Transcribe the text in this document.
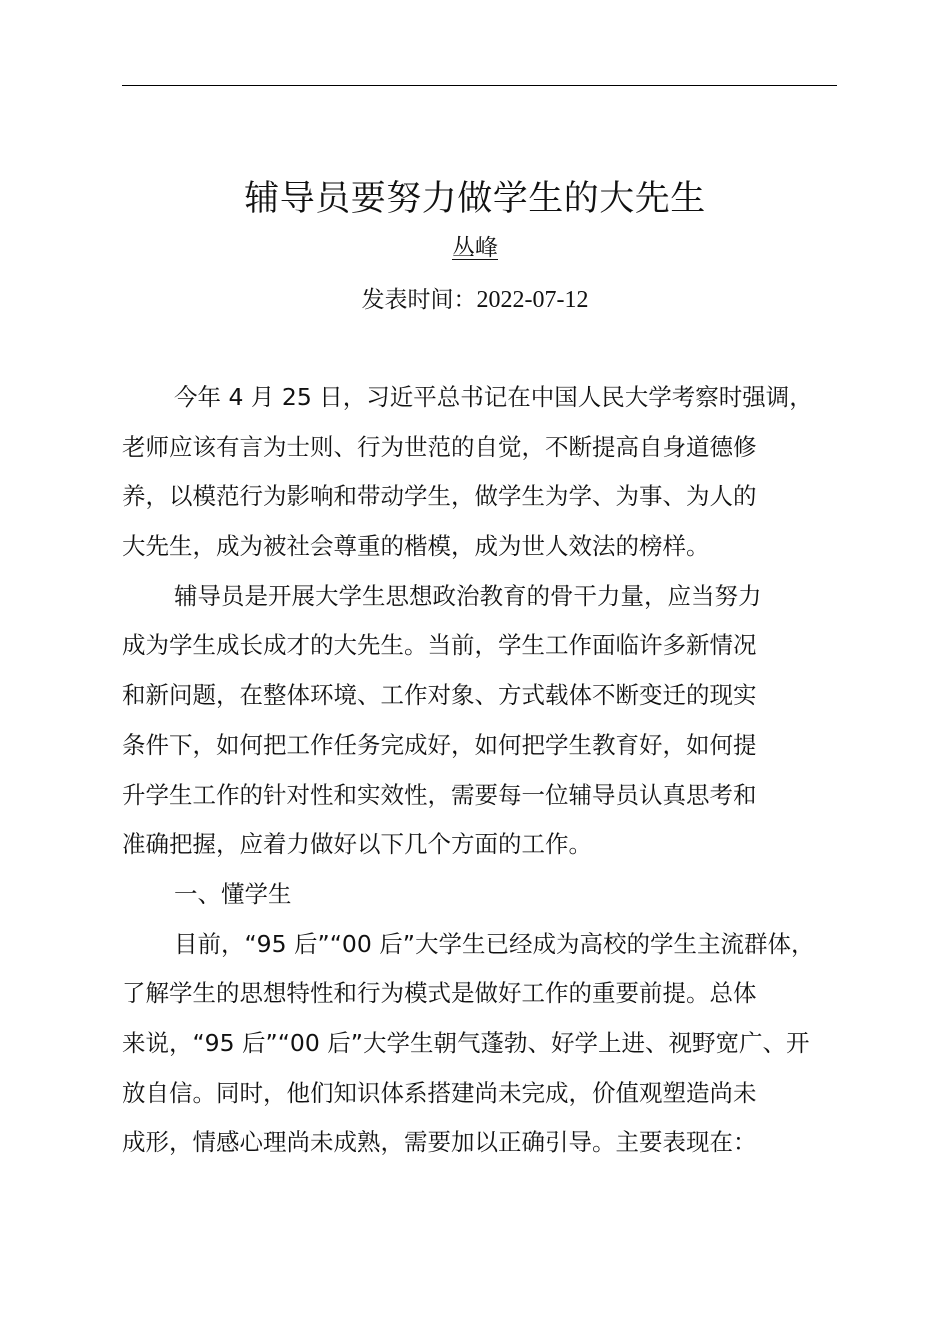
辅导员要努力做学生的大先生
丛峰
发表时间：2022-07-12
今年 4 月 25 日，习近平总书记在中国人民大学考察时强调，
老师应该有言为士则、行为世范的自觉，不断提高自身道德修
养，以模范行为影响和带动学生，做学生为学、为事、为人的
大先生，成为被社会尊重的楷模，成为世人效法的榜样。
辅导员是开展大学生思想政治教育的骨干力量，应当努力
成为学生成长成才的大先生。当前，学生工作面临许多新情况
和新问题，在整体环境、工作对象、方式载体不断变迁的现实
条件下，如何把工作任务完成好，如何把学生教育好，如何提
升学生工作的针对性和实效性，需要每一位辅导员认真思考和
准确把握，应着力做好以下几个方面的工作。
一、懂学生
目前，“95 后”“00 后”大学生已经成为高校的学生主流群体，
了解学生的思想特性和行为模式是做好工作的重要前提。总体
来说，“95 后”“00 后”大学生朝气蓬勃、好学上进、视野宽广、开
放自信。同时，他们知识体系搭建尚未完成，价值观塑造尚未
成形，情感心理尚未成熟，需要加以正确引导。主要表现在：
